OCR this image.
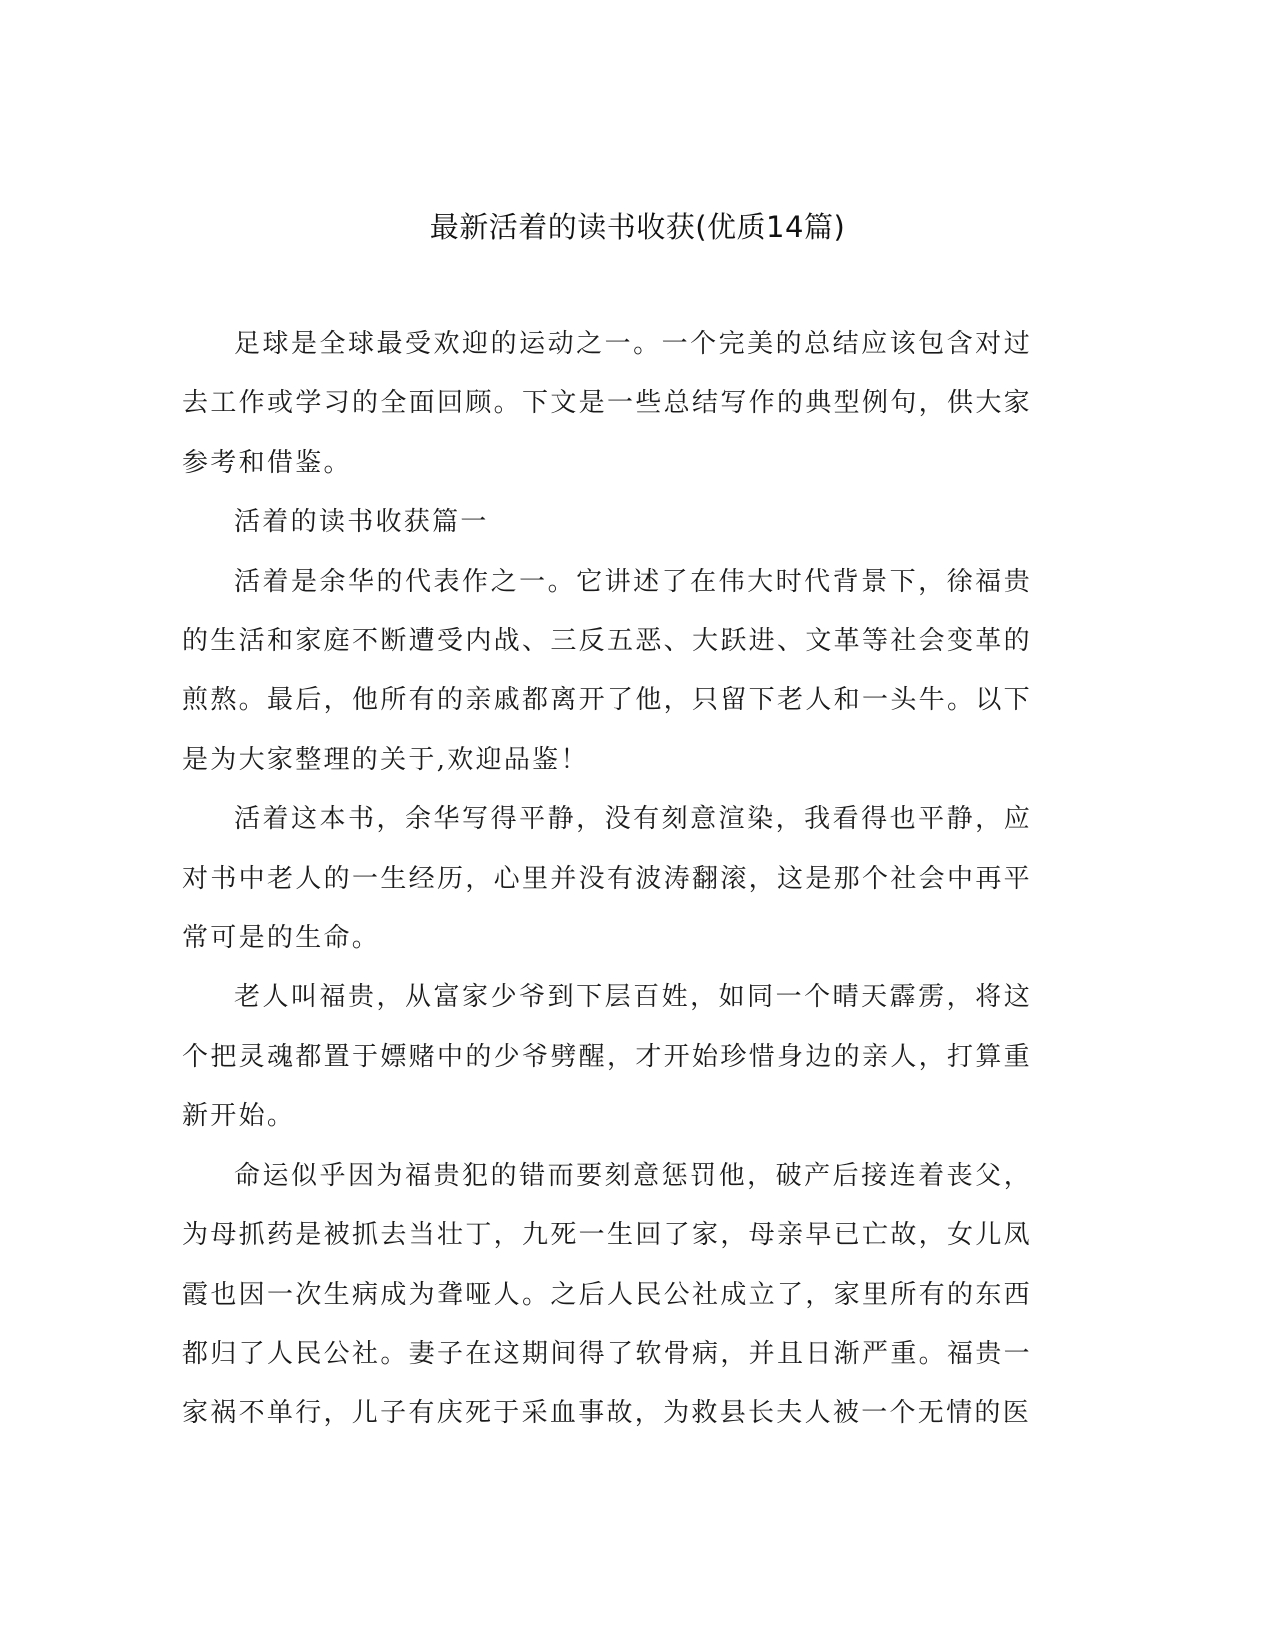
最新活着的读书收获(优质14篇)

足球是全球最受欢迎的运动之一。一个完美的总结应该包含对过去工作或学习的全面回顾。下文是一些总结写作的典型例句，供大家参考和借鉴。

活着的读书收获篇一

活着是余华的代表作之一。它讲述了在伟大时代背景下，徐福贵的生活和家庭不断遭受内战、三反五恶、大跃进、文革等社会变革的煎熬。最后，他所有的亲戚都离开了他，只留下老人和一头牛。以下是为大家整理的关于,欢迎品鉴！

活着这本书，余华写得平静，没有刻意渲染，我看得也平静，应对书中老人的一生经历，心里并没有波涛翻滚，这是那个社会中再平常可是的生命。

老人叫福贵，从富家少爷到下层百姓，如同一个晴天霹雳，将这个把灵魂都置于嫖赌中的少爷劈醒，才开始珍惜身边的亲人，打算重新开始。

命运似乎因为福贵犯的错而要刻意惩罚他，破产后接连着丧父，为母抓药是被抓去当壮丁，九死一生回了家，母亲早已亡故，女儿凤霞也因一次生病成为聋哑人。之后人民公社成立了，家里所有的东西都归了人民公社。妻子在这期间得了软骨病，并且日渐严重。福贵一家祸不单行，儿子有庆死于采血事故，为救县长夫人被一个无情的医
